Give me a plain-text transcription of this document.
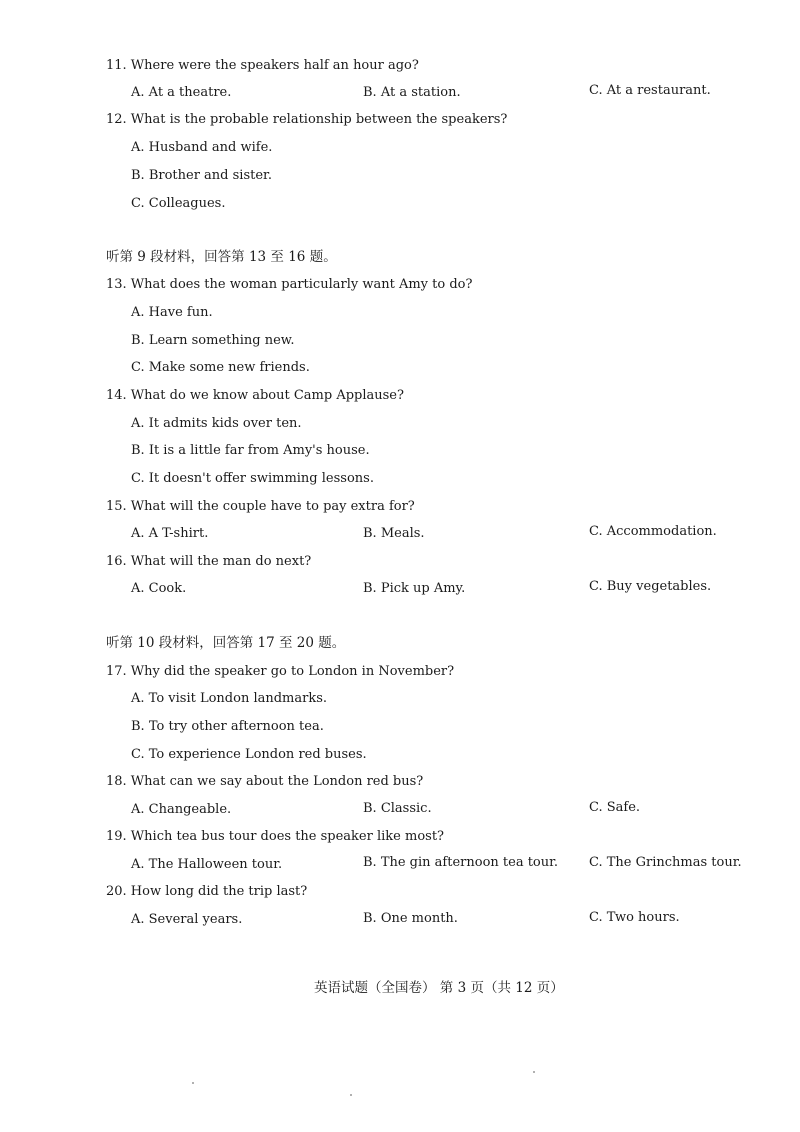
11. Where were the speakers half an hour ago?
A. At a theatre.	B. At a station.	C. At a restaurant.
12. What is the probable relationship between the speakers?
A. Husband and wife.
B. Brother and sister.
C. Colleagues.
听第 9 段材料，回答第 13 至 16 题。
13. What does the woman particularly want Amy to do?
A. Have fun.
B. Learn something new.
C. Make some new friends.
14. What do we know about Camp Applause?
A. It admits kids over ten.
B. It is a little far from Amy's house.
C. It doesn't offer swimming lessons.
15. What will the couple have to pay extra for?
A. A T-shirt.	B. Meals.	C. Accommodation.
16. What will the man do next?
A. Cook.	B. Pick up Amy.	C. Buy vegetables.
听第 10 段材料，回答第 17 至 20 题。
17. Why did the speaker go to London in November?
A. To visit London landmarks.
B. To try other afternoon tea.
C. To experience London red buses.
18. What can we say about the London red bus?
A. Changeable.	B. Classic.	C. Safe.
19. Which tea bus tour does the speaker like most?
A. The Halloween tour.	B. The gin afternoon tea tour. C. The Grinchmas tour.
20. How long did the trip last?
A. Several years.	B. One month.	C. Two hours.
英语试题（全国卷） 第 3 页（共 12 页）
